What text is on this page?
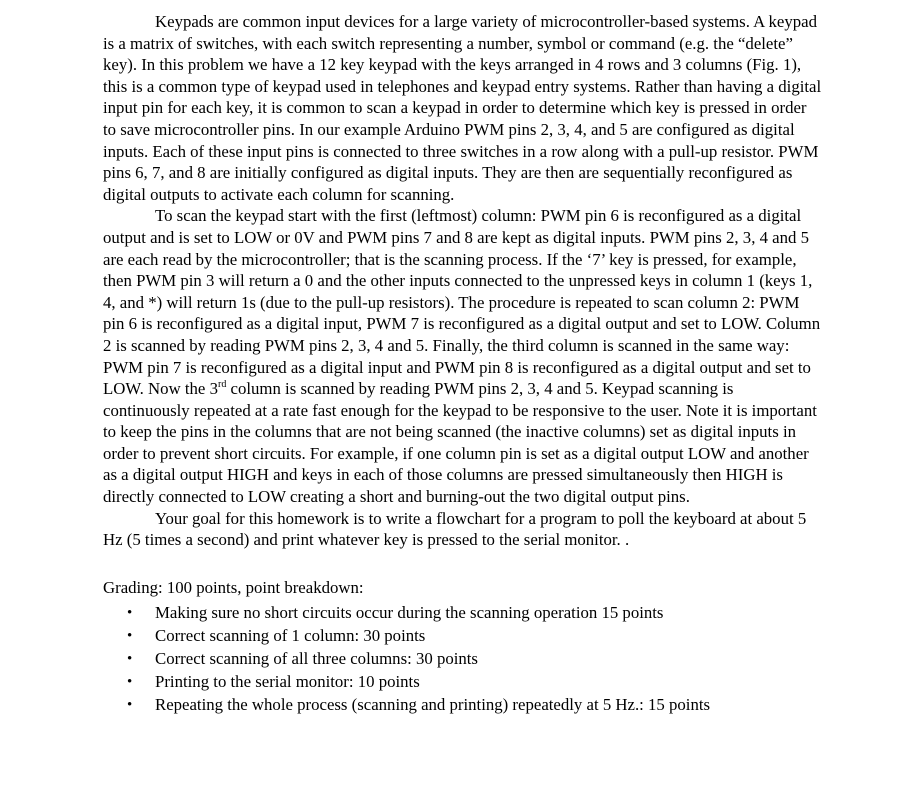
Keypads are common input devices for a large variety of microcontroller-based systems. A keypad is a matrix of switches, with each switch representing a number, symbol or command (e.g. the “delete” key). In this problem we have a 12 key keypad with the keys arranged in 4 rows and 3 columns (Fig. 1), this is a common type of keypad used in telephones and keypad entry systems. Rather than having a digital input pin for each key, it is common to scan a keypad in order to determine which key is pressed in order to save microcontroller pins. In our example Arduino PWM pins 2, 3, 4, and 5 are configured as digital inputs. Each of these input pins is connected to three switches in a row along with a pull-up resistor. PWM pins 6, 7, and 8 are initially configured as digital inputs. They are then are sequentially reconfigured as digital outputs to activate each column for scanning.

To scan the keypad start with the first (leftmost) column: PWM pin 6 is reconfigured as a digital output and is set to LOW or 0V and PWM pins 7 and 8 are kept as digital inputs. PWM pins 2, 3, 4 and 5 are each read by the microcontroller; that is the scanning process. If the ‘7’ key is pressed, for example, then PWM pin 3 will return a 0 and the other inputs connected to the unpressed keys in column 1 (keys 1, 4, and *) will return 1s (due to the pull-up resistors). The procedure is repeated to scan column 2: PWM pin 6 is reconfigured as a digital input, PWM 7 is reconfigured as a digital output and set to LOW. Column 2 is scanned by reading PWM pins 2, 3, 4 and 5. Finally, the third column is scanned in the same way: PWM pin 7 is reconfigured as a digital input and PWM pin 8 is reconfigured as a digital output and set to LOW. Now the 3rd column is scanned by reading PWM pins 2, 3, 4 and 5. Keypad scanning is continuously repeated at a rate fast enough for the keypad to be responsive to the user. Note it is important to keep the pins in the columns that are not being scanned (the inactive columns) set as digital inputs in order to prevent short circuits. For example, if one column pin is set as a digital output LOW and another as a digital output HIGH and keys in each of those columns are pressed simultaneously then HIGH is directly connected to LOW creating a short and burning-out the two digital output pins.

Your goal for this homework is to write a flowchart for a program to poll the keyboard at about 5 Hz (5 times a second) and print whatever key is pressed to the serial monitor. .

Grading: 100 points, point breakdown:

• Making sure no short circuits occur during the scanning operation 15 points
• Correct scanning of 1 column: 30 points
• Correct scanning of all three columns: 30 points
• Printing to the serial monitor: 10 points
• Repeating the whole process (scanning and printing) repeatedly at 5 Hz.: 15 points
